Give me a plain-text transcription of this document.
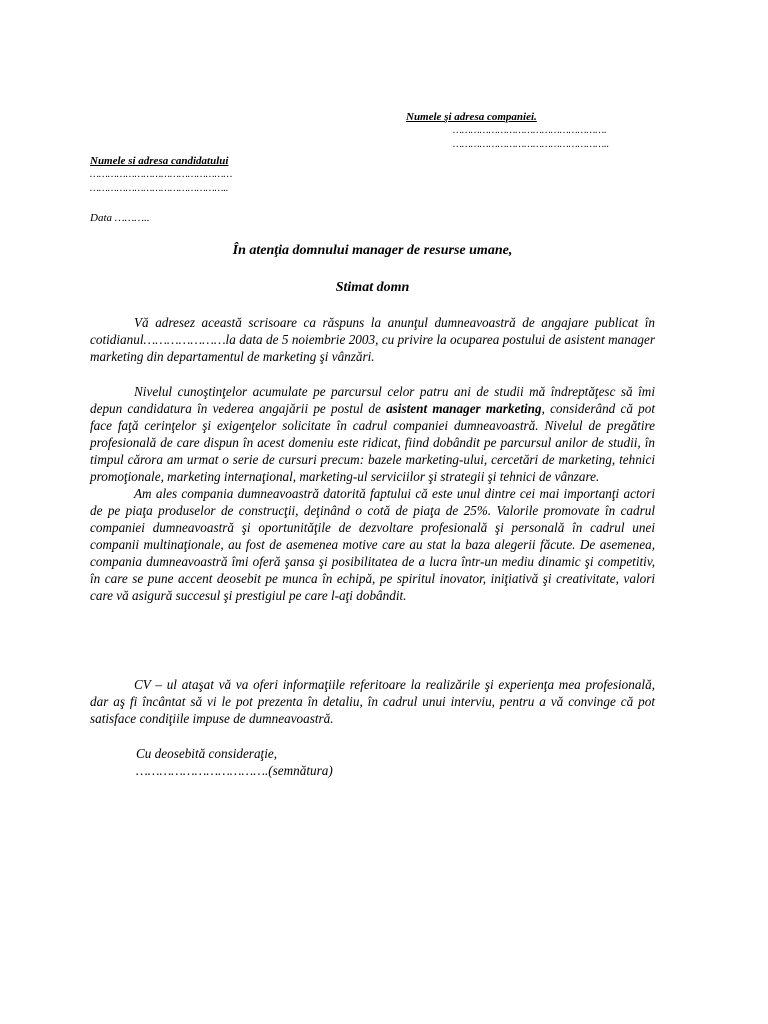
Numele şi adresa companiei.
…………………………………………….
……………………………………………..
Numele si adresa candidatului
…………………………………………
………………………………………..
Data ………..
În atenţia domnului manager de resurse umane,
Stimat domn

Vă adresez această scrisoare ca răspuns la anunţul dumneavoastră de angajare publicat în cotidianul…………………la data de 5 noiembrie 2003, cu privire la ocuparea postului de asistent manager marketing din departamentul de marketing şi vânzări.

Nivelul cunoştinţelor acumulate pe parcursul celor patru ani de studii mă îndreptăţesc să îmi depun candidatura în vederea angajării pe postul de asistent manager marketing, considerând că pot face faţă cerinţelor şi exigenţelor solicitate în cadrul companiei dumneavoastră. Nivelul de pregătire profesională de care dispun în acest domeniu este ridicat, fiind dobândit pe parcursul anilor de studii, în timpul cărora am urmat o serie de cursuri precum: bazele marketing-ului, cercetări de marketing, tehnici promoţionale, marketing internaţional, marketing-ul serviciilor şi strategii şi tehnici de vânzare.

Am ales compania dumneavoastră datorită faptului că este unul dintre cei mai importanţi actori de pe piaţa produselor de construcţii, deţinând o cotă de piaţa de 25%. Valorile promovate în cadrul companiei dumneavoastră şi oportunităţile de dezvoltare profesională şi personală în cadrul unei companii multinaţionale, au fost de asemenea motive care au stat la baza alegerii făcute. De asemenea, compania dumneavoastră îmi oferă şansa şi posibilitatea de a lucra într-un mediu dinamic şi competitiv, în care se pune accent deosebit pe munca în echipă, pe spiritul inovator, iniţiativă şi creativitate, valori care vă asigură succesul şi prestigiul pe care l-aţi dobândit.

CV – ul ataşat vă va oferi informaţiile referitoare la realizările şi experienţa mea profesională, dar aş fi încântat să vi le pot prezenta în detaliu, în cadrul unui interviu, pentru a vă convinge că pot satisface condiţiile impuse de dumneavoastră.

Cu deosebită consideraţie,
…………………………….(semnătura)
